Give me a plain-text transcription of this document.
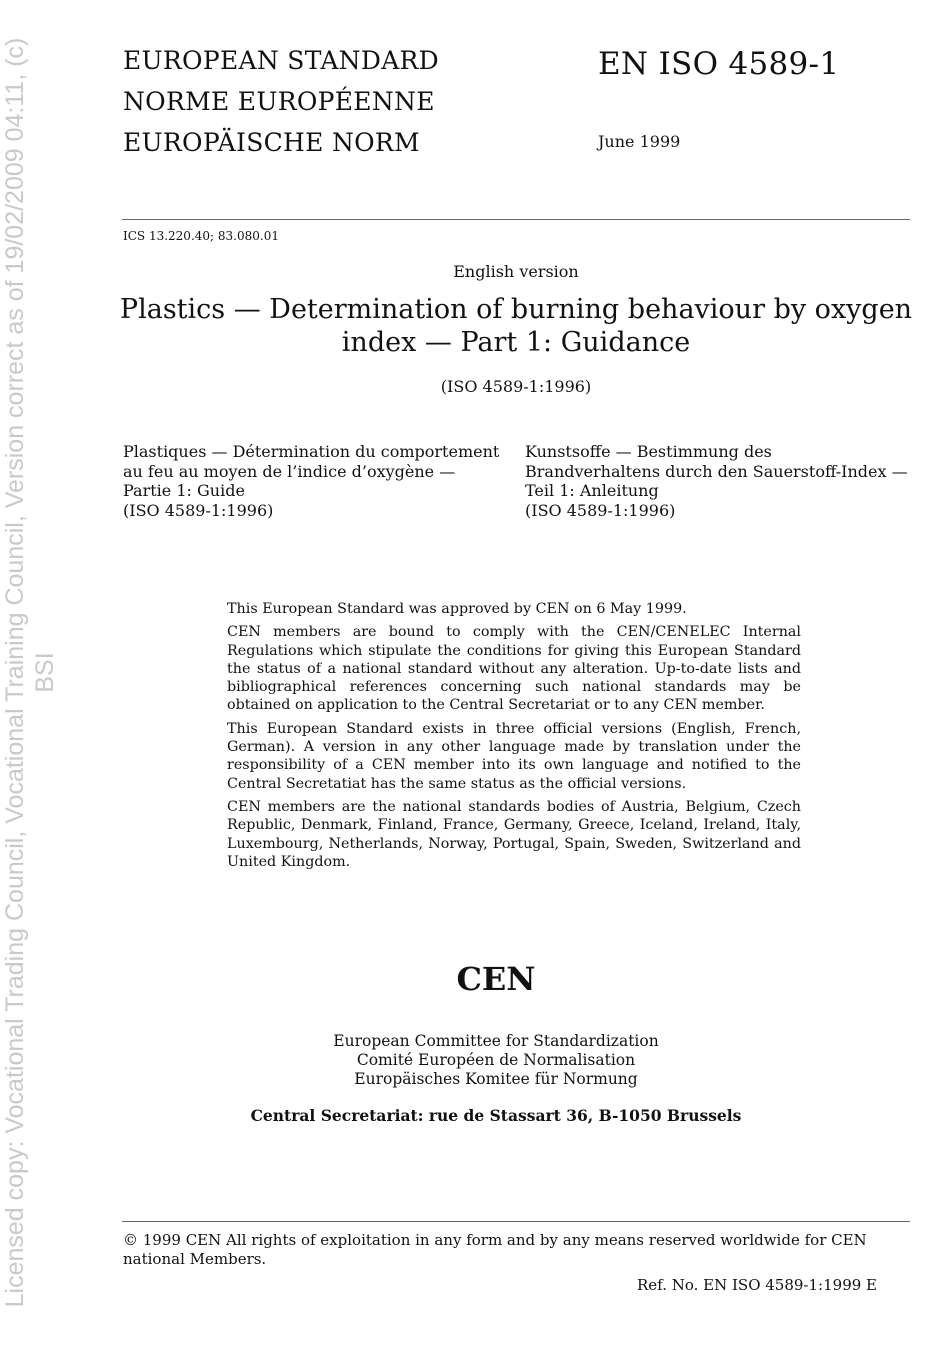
Licensed copy: Vocational Trading Council, Vocational Training Council, Version correct as of 19/02/2009 04:11, (c) BSI
EUROPEAN STANDARD
NORME EUROPÉENNE
EUROPÄISCHE NORM
EN ISO 4589-1
June 1999
ICS 13.220.40; 83.080.01
English version
Plastics — Determination of burning behaviour by oxygen
index — Part 1: Guidance
(ISO 4589-1:1996)
Plastiques — Détermination du comportement
au feu au moyen de l’indice d’oxygène —
Partie 1: Guide
(ISO 4589-1:1996)
Kunstsoffe — Bestimmung des
Brandverhaltens durch den Sauerstoff-Index —
Teil 1: Anleitung
(ISO 4589-1:1996)

This European Standard was approved by CEN on 6 May 1999.

CEN members are bound to comply with the CEN/CENELEC Internal Regulations which stipulate the conditions for giving this European Standard the status of a national standard without any alteration. Up-to-date lists and bibliographical references concerning such national standards may be obtained on application to the Central Secretariat or to any CEN member.

This European Standard exists in three official versions (English, French, German). A version in any other language made by translation under the responsibility of a CEN member into its own language and notified to the Central Secretatiat has the same status as the official versions.

CEN members are the national standards bodies of Austria, Belgium, Czech Republic, Denmark, Finland, France, Germany, Greece, Iceland, Ireland, Italy, Luxembourg, Netherlands, Norway, Portugal, Spain, Sweden, Switzerland and United Kingdom.

CEN
European Committee for Standardization
Comité Européen de Normalisation
Europäisches Komitee für Normung
Central Secretariat: rue de Stassart 36, B-1050 Brussels
© 1999 CEN All rights of exploitation in any form and by any means reserved worldwide for CEN national Members.
Ref. No. EN ISO 4589-1:1999 E
